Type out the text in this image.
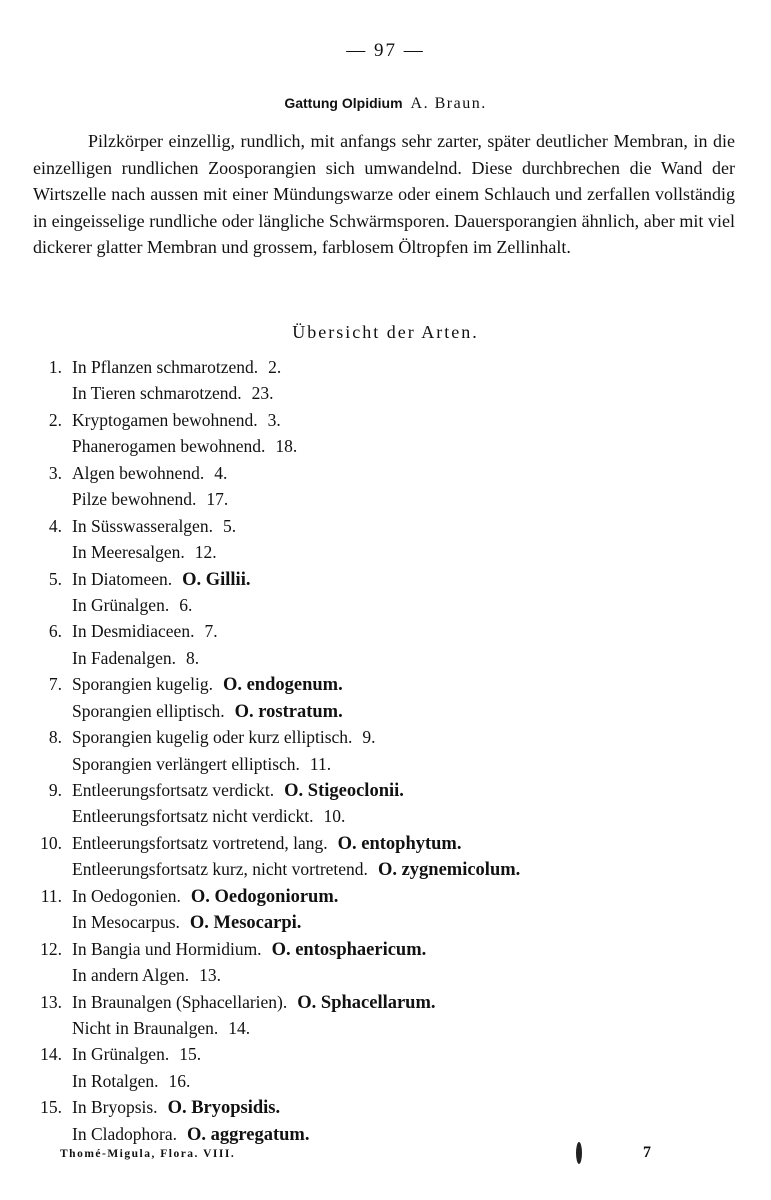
— 97 —
Gattung Olpidium A. Braun.
Pilzkörper einzellig, rundlich, mit anfangs sehr zarter, später deutlicher Membran, in die einzelligen rundlichen Zoosporangien sich umwandelnd. Diese durchbrechen die Wand der Wirtszelle nach aussen mit einer Mündungswarze oder einem Schlauch und zerfallen vollständig in eingeisselige rundliche oder längliche Schwärmsporen. Dauersporangien ähnlich, aber mit viel dickerer glatter Membran und grossem, farblosem Öltropfen im Zellinhalt.
Übersicht der Arten.
1. In Pflanzen schmarotzend. 2.
In Tieren schmarotzend. 23.
2. Kryptogamen bewohnend. 3.
Phanerogamen bewohnend. 18.
3. Algen bewohnend. 4.
Pilze bewohnend. 17.
4. In Süsswasseralgen. 5.
In Meeresalgen. 12.
5. In Diatomeen. O. Gillii.
In Grünalgen. 6.
6. In Desmidiaceen. 7.
In Fadenalgen. 8.
7. Sporangien kugelig. O. endogenum.
Sporangien elliptisch. O. rostratum.
8. Sporangien kugelig oder kurz elliptisch. 9.
Sporangien verlängert elliptisch. 11.
9. Entleerungsfortsatz verdickt. O. Stigeoclonii.
Entleerungsfortsatz nicht verdickt. 10.
10. Entleerungsfortsatz vortretend, lang. O. entophytum.
Entleerungsfortsatz kurz, nicht vortretend. O. zygnemicolum.
11. In Oedogonien. O. Oedogoniorum.
In Mesocarpus. O. Mesocarpi.
12. In Bangia und Hormidium. O. entosphaericum.
In andern Algen. 13.
13. In Braunalgen (Sphacellarien). O. Sphacellarum.
Nicht in Braunalgen. 14.
14. In Grünalgen. 15.
In Rotalgen. 16.
15. In Bryopsis. O. Bryopsidis.
In Cladophora. O. aggregatum.
Thomé-Migula, Flora. VIII.	7
